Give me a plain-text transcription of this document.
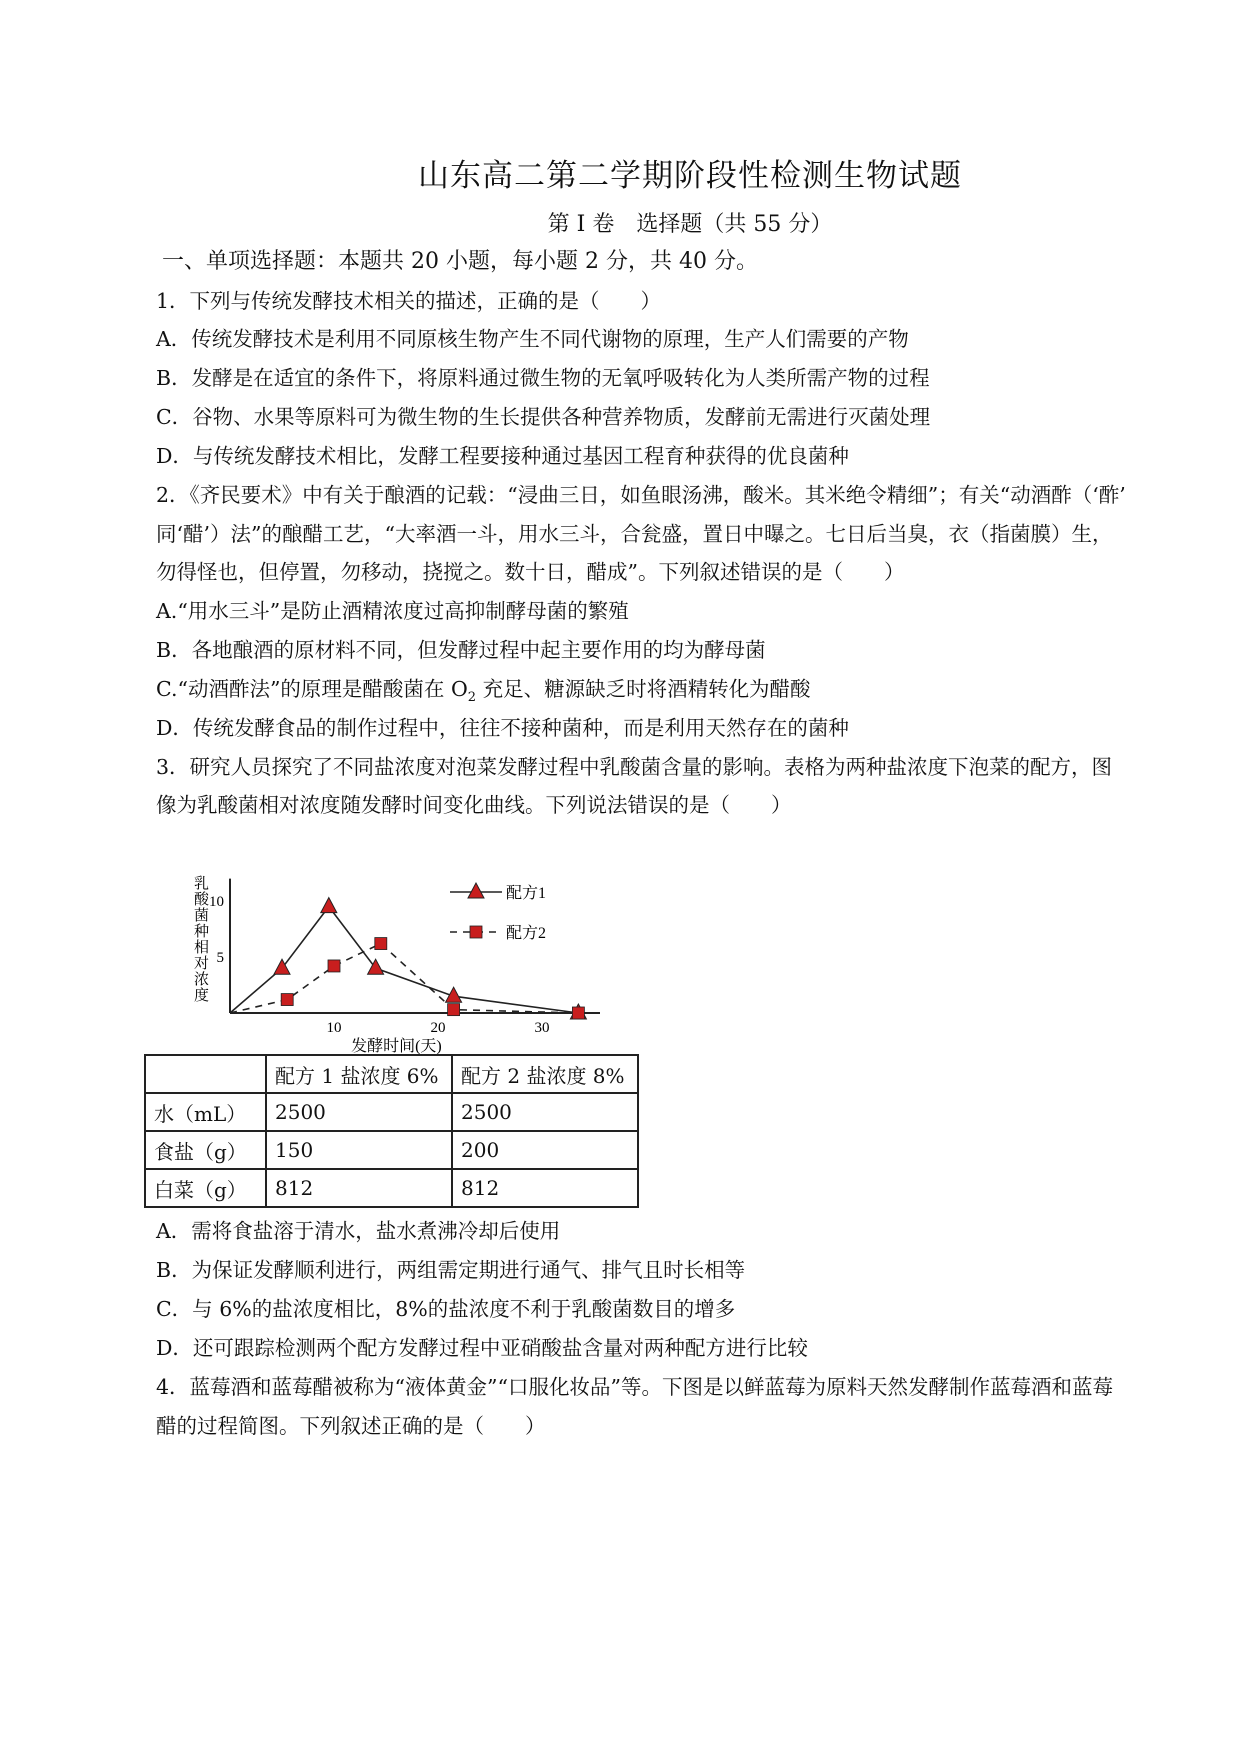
山东高二第二学期阶段性检测生物试题
第 I 卷　选择题（共 55 分）
一、单项选择题：本题共 20 小题，每小题 2 分，共 40 分。
1．下列与传统发酵技术相关的描述，正确的是（　　）
A．传统发酵技术是利用不同原核生物产生不同代谢物的原理，生产人们需要的产物
B．发酵是在适宜的条件下，将原料通过微生物的无氧呼吸转化为人类所需产物的过程
C．谷物、水果等原料可为微生物的生长提供各种营养物质，发酵前无需进行灭菌处理
D．与传统发酵技术相比，发酵工程要接种通过基因工程育种获得的优良菌种
2．《齐民要术》中有关于酿酒的记载：“浸曲三日，如鱼眼汤沸，酸米。其米绝令精细”；有关“动酒酢（‘酢’
同‘醋’）法”的酿醋工艺，“大率酒一斗，用水三斗，合瓮盛，置日中曝之。七日后当臭，衣（指菌膜）生，
勿得怪也，但停置，勿移动，挠搅之。数十日，醋成”。下列叙述错误的是（　　）
A.“用水三斗”是防止酒精浓度过高抑制酵母菌的繁殖
B．各地酿酒的原材料不同，但发酵过程中起主要作用的均为酵母菌
C.“动酒酢法”的原理是醋酸菌在 $O_2$ 充足、糖源缺乏时将酒精转化为醋酸
D．传统发酵食品的制作过程中，往往不接种菌种，而是利用天然存在的菌种
3．研究人员探究了不同盐浓度对泡菜发酵过程中乳酸菌含量的影响。表格为两种盐浓度下泡菜的配方，图
像为乳酸菌相对浓度随发酵时间变化曲线。下列说法错误的是（　　）
10	20	30
5
10
发酵时间(天)
乳酸菌种相对浓度	配方1
配方2
	配方 1 盐浓度 6%	配方 2 盐浓度 8%
水（mL）	2500	2500
食盐（g）	150	200
白菜（g）	812	812
A．需将食盐溶于清水，盐水煮沸冷却后使用
B．为保证发酵顺利进行，两组需定期进行通气、排气且时长相等
C．与 6%的盐浓度相比，8%的盐浓度不利于乳酸菌数目的增多
D．还可跟踪检测两个配方发酵过程中亚硝酸盐含量对两种配方进行比较
4．蓝莓酒和蓝莓醋被称为“液体黄金”“口服化妆品”等。下图是以鲜蓝莓为原料天然发酵制作蓝莓酒和蓝莓
醋的过程简图。下列叙述正确的是（　　）
